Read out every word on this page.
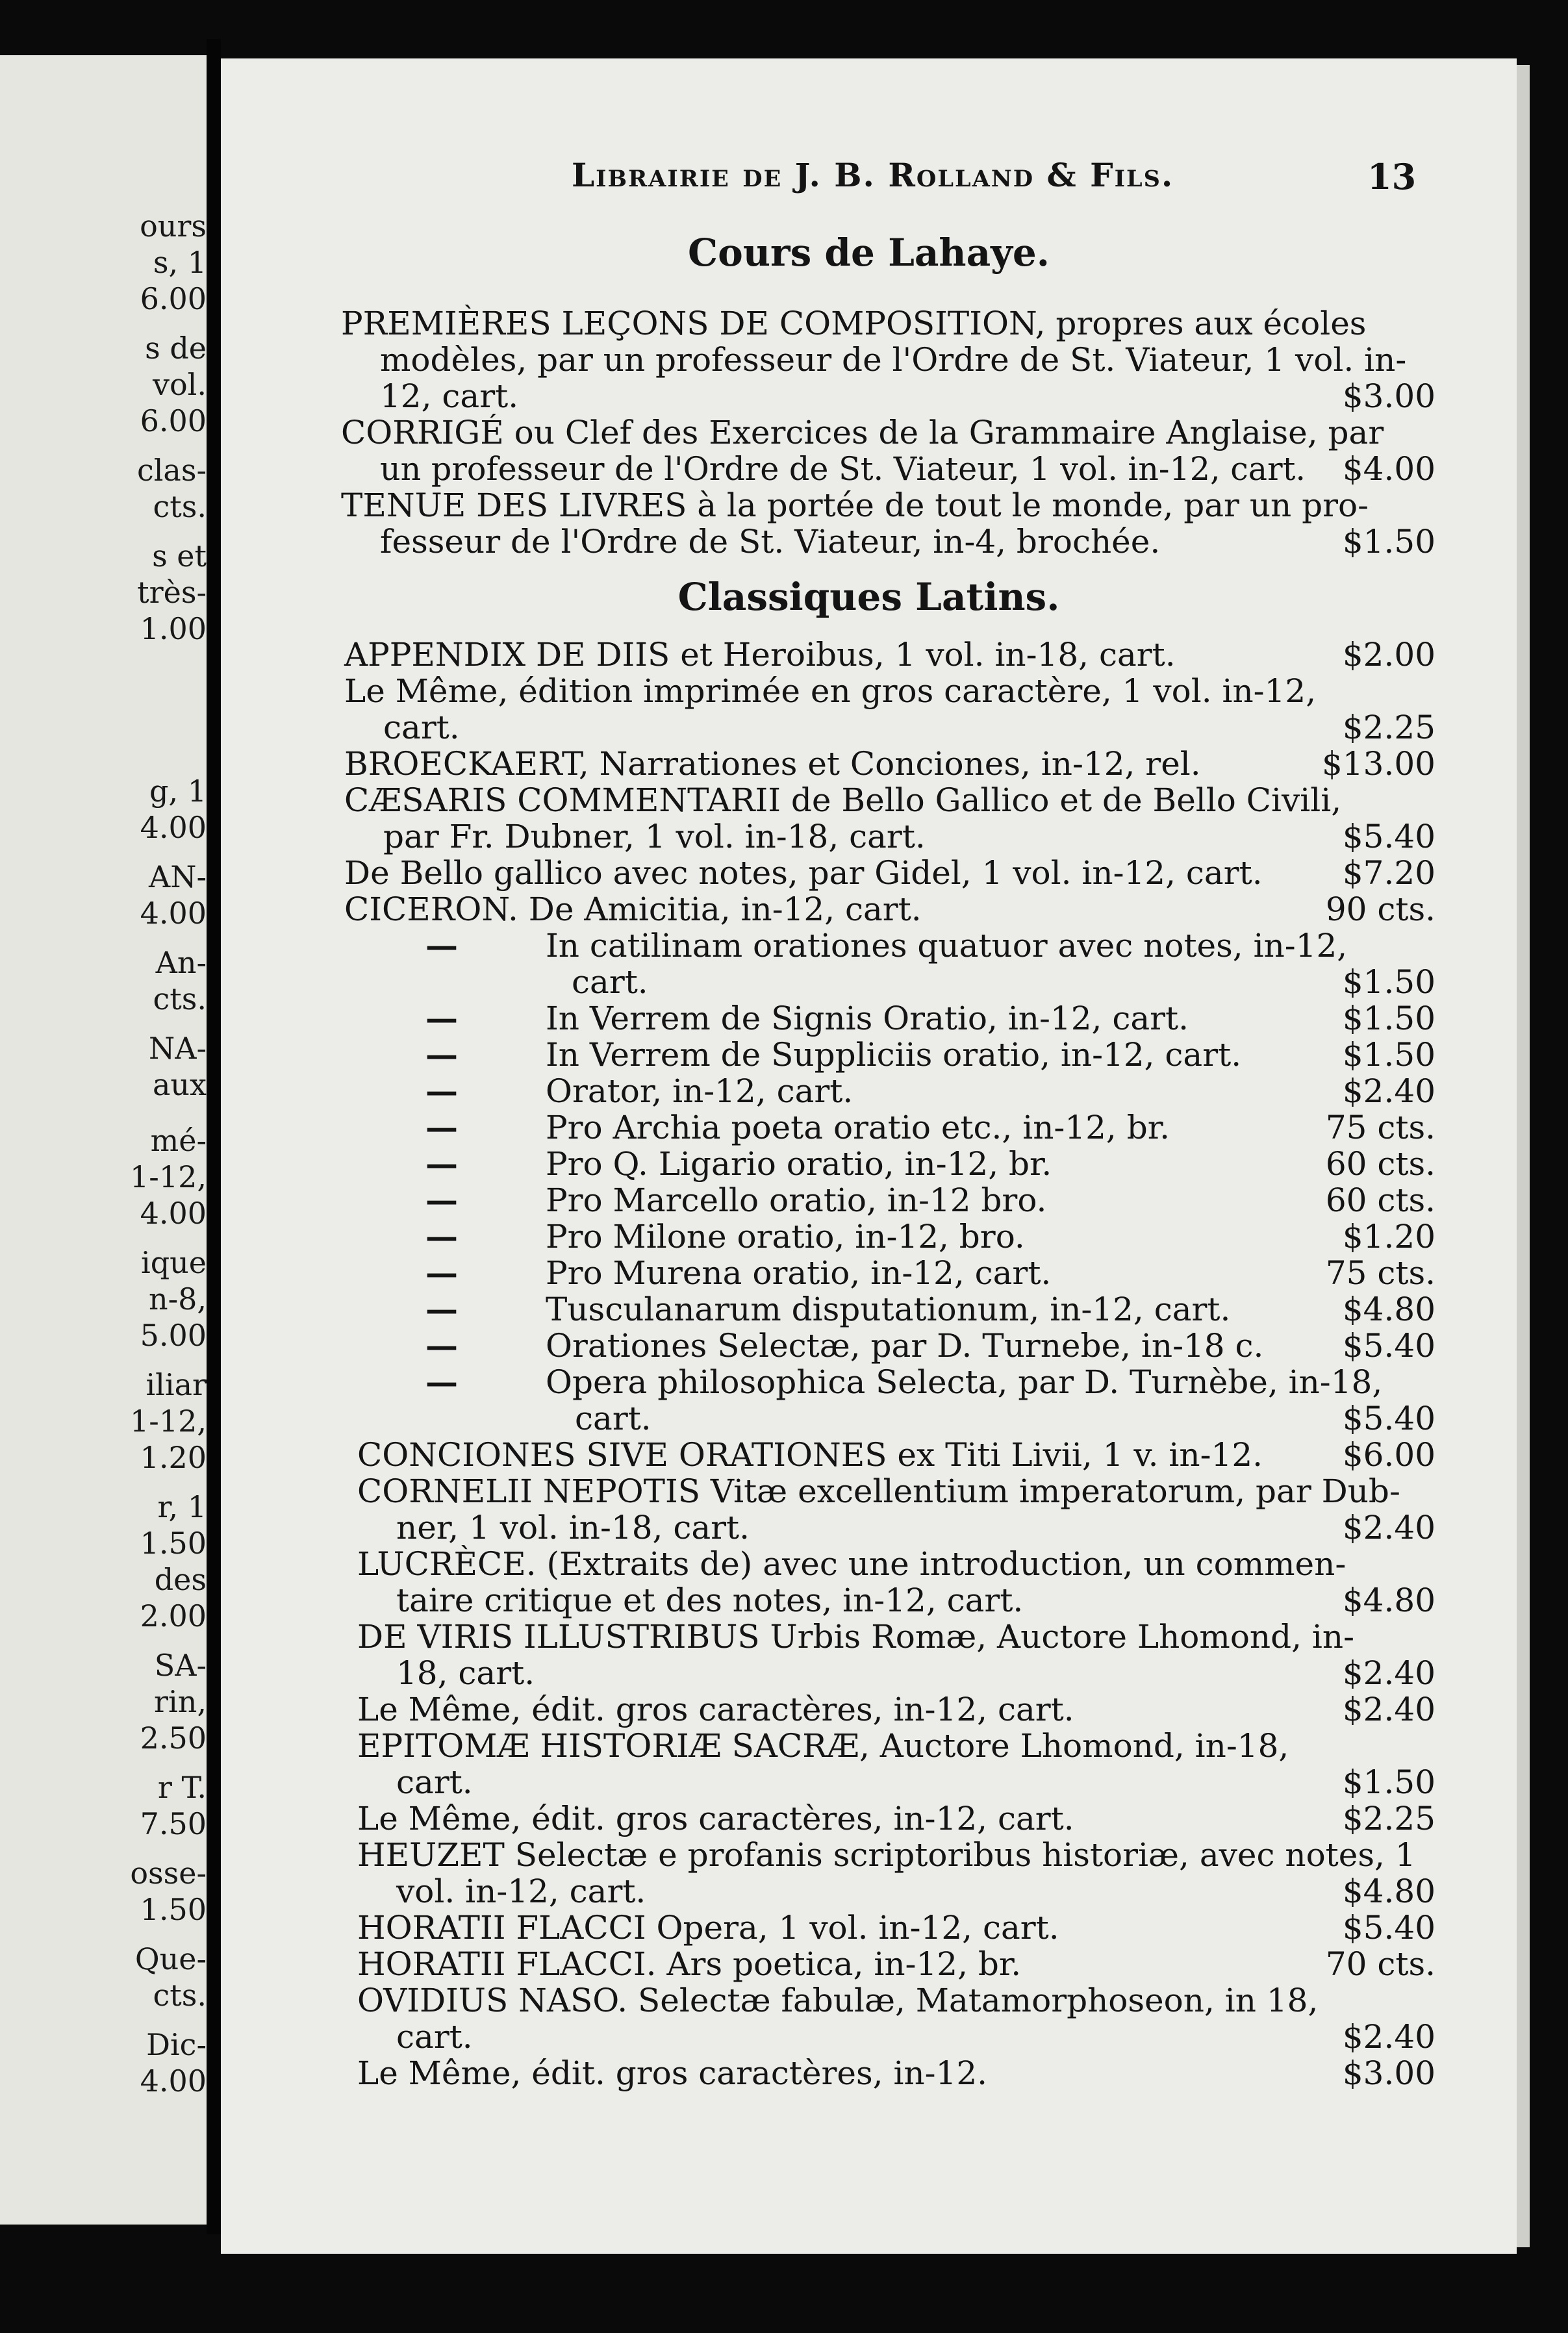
ours
s, 1
6.00
s de
vol.
6.00
clas-
cts.
s et
très-
1.00
g, 1
4.00
AN-
4.00
An-
cts.
NA-
aux
mé-
1-12,
4.00
ique
n-8,
5.00
iliar
1-12,
1.20
r, 1
1.50
des
2.00
SA-
rin,
2.50
r T.
7.50
osse-
1.50
Que-
cts.
Dic-
4.00
Librairie de J. B. Rolland & Fils.	13
Cours de Lahaye.
Classiques Latins.
PREMIÈRES LEÇONS DE COMPOSITION, propres aux écoles
modèles, par un professeur de l'Ordre de St. Viateur, 1 vol. in-
12, cart.	$3.00
CORRIGÉ ou Clef des Exercices de la Grammaire Anglaise, par
un professeur de l'Ordre de St. Viateur, 1 vol. in-12, cart. $4.00
TENUE DES LIVRES à la portée de tout le monde, par un pro-
fesseur de l'Ordre de St. Viateur, in-4, brochée.	$1.50
APPENDIX DE DIIS et Heroibus, 1 vol. in-18, cart.	$2.00
Le Même, édition imprimée en gros caractère, 1 vol. in-12,
cart.	$2.25
BROECKAERT, Narrationes et Conciones, in-12, rel.	$13.00
CÆSARIS COMMENTARII de Bello Gallico et de Bello Civili,
par Fr. Dubner, 1 vol. in-18, cart.	$5.40
De Bello gallico avec notes, par Gidel, 1 vol. in-12, cart. $7.20
CICERON. De Amicitia, in-12, cart.	90 cts.
—	In catilinam orationes quatuor avec notes, in-12,
cart.	$1.50
—	In Verrem de Signis Oratio, in-12, cart.	$1.50
—	In Verrem de Suppliciis oratio, in-12, cart.	$1.50
—	Orator, in-12, cart.	$2.40
—	Pro Archia poeta oratio etc., in-12, br.	75 cts.
—	Pro Q. Ligario oratio, in-12, br.	60 cts.
—	Pro Marcello oratio, in-12 bro.	60 cts.
—	Pro Milone oratio, in-12, bro.	$1.20
—	Pro Murena oratio, in-12, cart.	75 cts.
—	Tusculanarum disputationum, in-12, cart.	$4.80
—	Orationes Selectæ, par D. Turnebe, in-18 c. $5.40
—	Opera philosophica Selecta, par D. Turnèbe, in-18,
cart.	$5.40
CONCIONES SIVE ORATIONES ex Titi Livii, 1 v. in-12. $6.00
CORNELII NEPOTIS Vitæ excellentium imperatorum, par Dub-
ner, 1 vol. in-18, cart.	$2.40
LUCRÈCE. (Extraits de) avec une introduction, un commen-
taire critique et des notes, in-12, cart.	$4.80
DE VIRIS ILLUSTRIBUS Urbis Romæ, Auctore Lhomond, in-
18, cart.	$2.40
Le Même, édit. gros caractères, in-12, cart.	$2.40
EPITOMÆ HISTORIÆ SACRÆ, Auctore Lhomond, in-18,
cart.	$1.50
Le Même, édit. gros caractères, in-12, cart.	$2.25
HEUZET Selectæ e profanis scriptoribus historiæ, avec notes, 1
vol. in-12, cart.	$4.80
HORATII FLACCI Opera, 1 vol. in-12, cart.	$5.40
HORATII FLACCI. Ars poetica, in-12, br.	70 cts.
OVIDIUS NASO. Selectæ fabulæ, Matamorphoseon, in 18,
cart.	$2.40
Le Même, édit. gros caractères, in-12.	$3.00
